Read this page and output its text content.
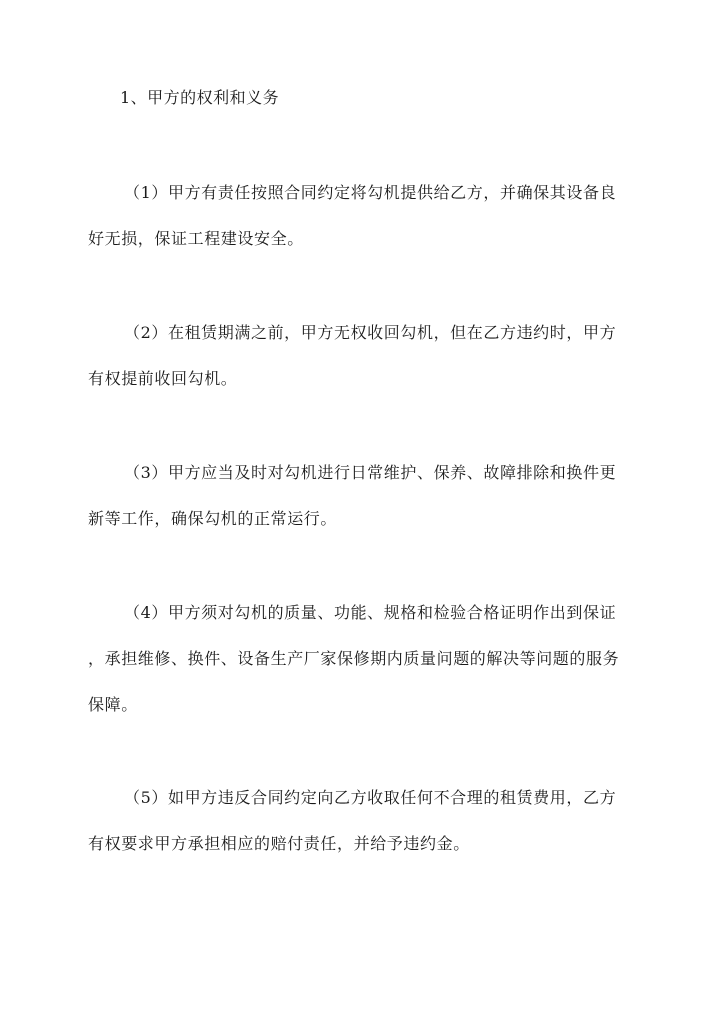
1、甲方的权利和义务

（1）甲方有责任按照合同约定将勾机提供给乙方，并确保其设备良
好无损，保证工程建设安全。

（2）在租赁期满之前，甲方无权收回勾机，但在乙方违约时，甲方
有权提前收回勾机。

（3）甲方应当及时对勾机进行日常维护、保养、故障排除和换件更
新等工作，确保勾机的正常运行。

（4）甲方须对勾机的质量、功能、规格和检验合格证明作出到保证
，承担维修、换件、设备生产厂家保修期内质量问题的解决等问题的服务
保障。

（5）如甲方违反合同约定向乙方收取任何不合理的租赁费用，乙方
有权要求甲方承担相应的赔付责任，并给予违约金。
